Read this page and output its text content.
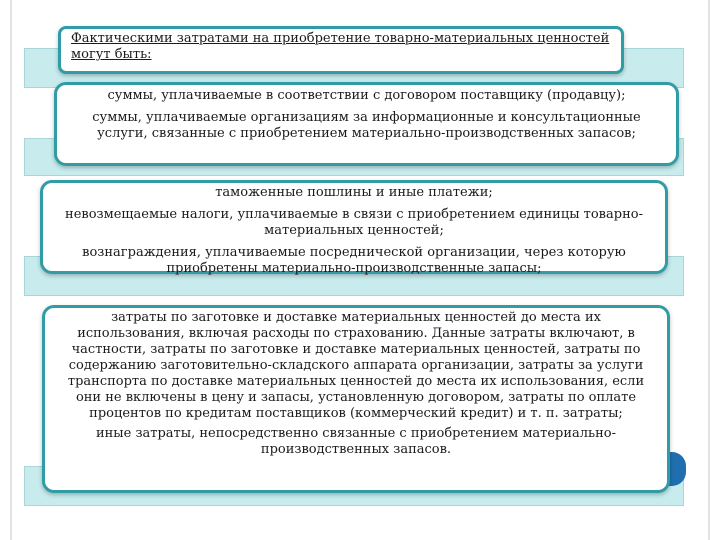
Фактическими затратами на приобретение товарно-материальных ценностей могут быть:

суммы, уплачиваемые в соответствии с договором поставщику (продавцу);

суммы, уплачиваемые организациям за информационные и консультационные услуги, связанные с приобретением материально-производственных запасов;

таможенные пошлины и иные платежи;

невозмещаемые налоги, уплачиваемые в связи с приобретением единицы товарно-материальных ценностей;

вознаграждения, уплачиваемые посреднической организации, через которую приобретены материально-производственные запасы;

затраты по заготовке и доставке материальных ценностей до места их использования, включая расходы по страхованию. Данные затраты включают, в частности, затраты по заготовке и доставке материальных ценностей, затраты по содержанию заготовительно-складского аппарата организации, затраты за услуги транспорта по доставке материальных ценностей до места их использования, если они не включены в цену и запасы, установленную договором, затраты по оплате процентов по кредитам поставщиков (коммерческий кредит) и т. п. затраты;

иные затраты, непосредственно связанные с приобретением материально-производственных запасов.
